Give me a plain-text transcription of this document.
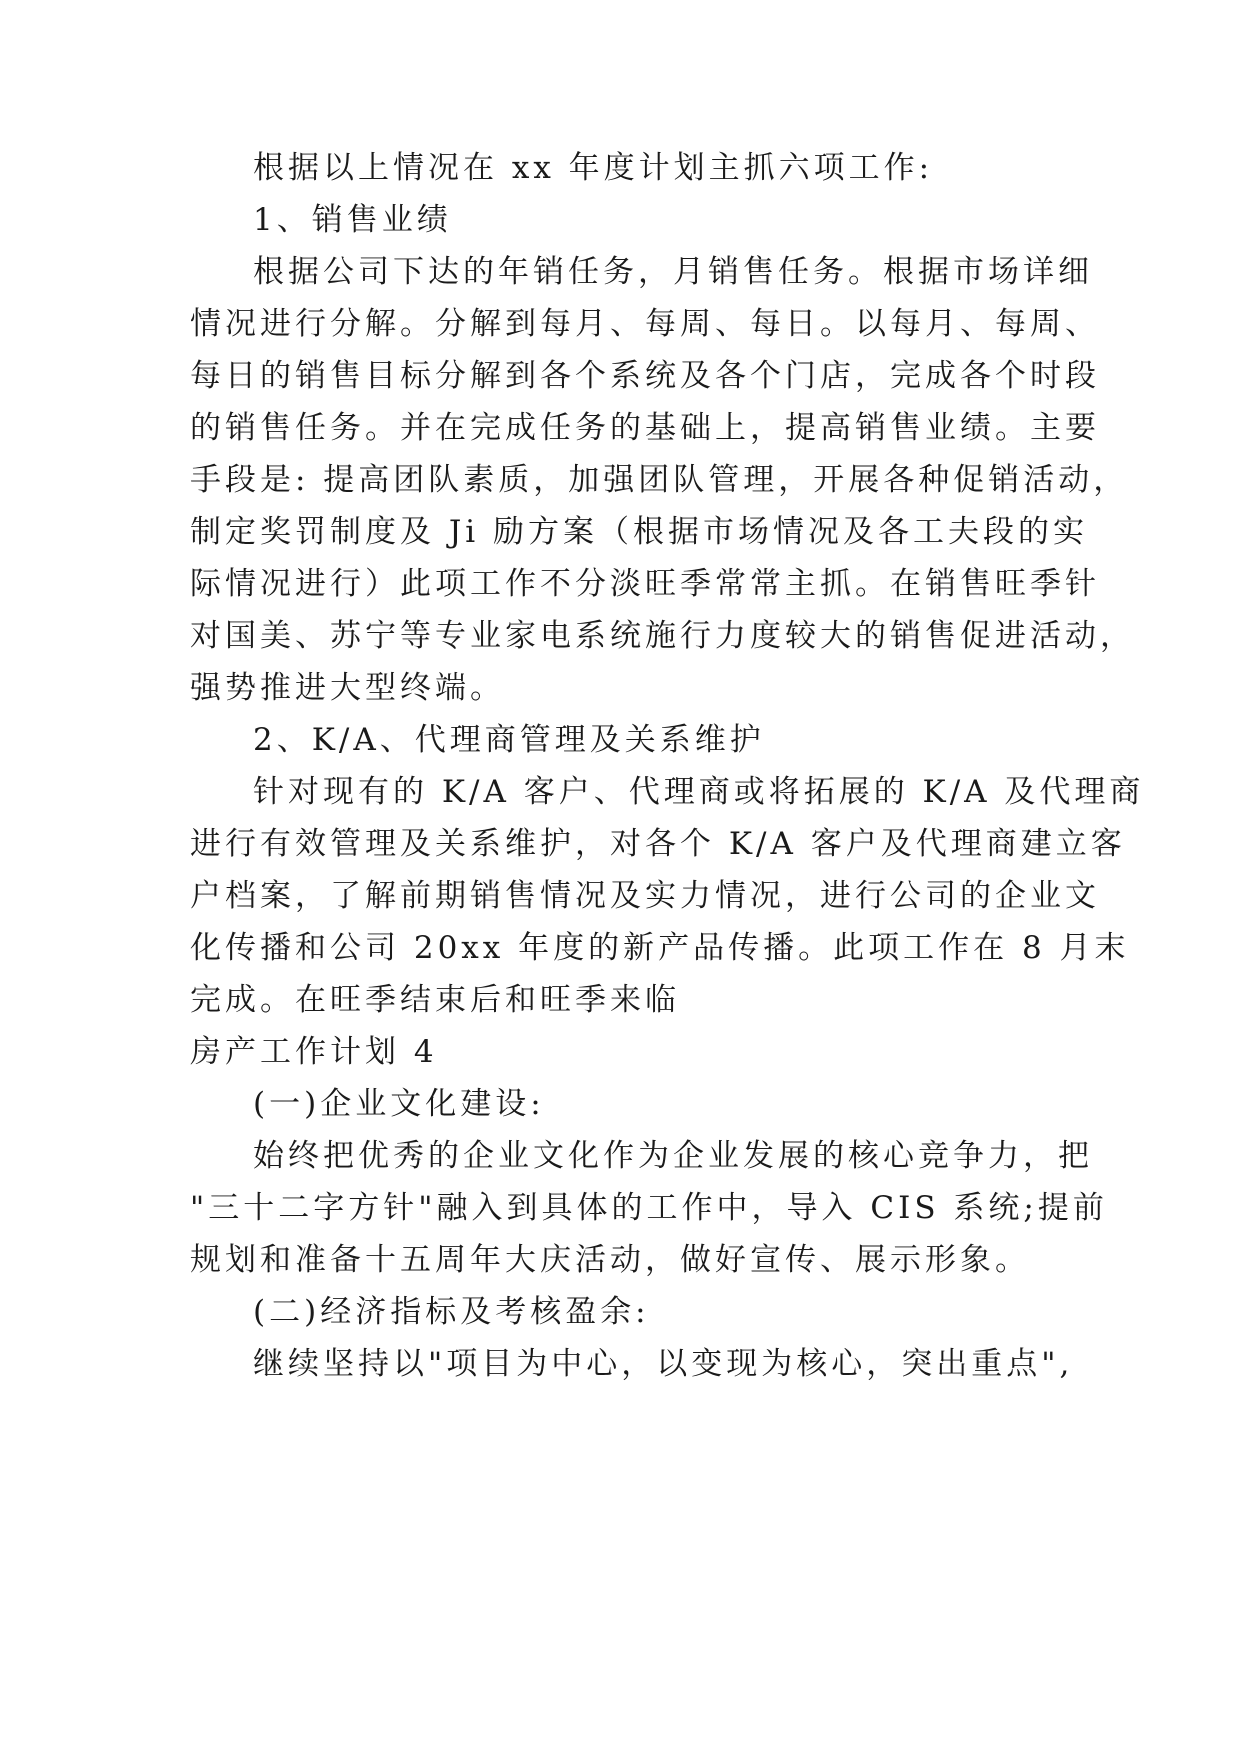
根据以上情况在 xx 年度计划主抓六项工作:
1、销售业绩
根据公司下达的年销任务，月销售任务。根据市场详细
情况进行分解。分解到每月、每周、每日。以每月、每周、
每日的销售目标分解到各个系统及各个门店，完成各个时段
的销售任务。并在完成任务的基础上，提高销售业绩。主要
手段是: 提高团队素质，加强团队管理，开展各种促销活动，
制定奖罚制度及 Ji 励方案（根据市场情况及各工夫段的实
际情况进行）此项工作不分淡旺季常常主抓。在销售旺季针
对国美、苏宁等专业家电系统施行力度较大的销售促进活动，
强势推进大型终端。
2、K/A、代理商管理及关系维护
针对现有的 K/A 客户、代理商或将拓展的 K/A 及代理商
进行有效管理及关系维护，对各个 K/A 客户及代理商建立客
户档案，了解前期销售情况及实力情况，进行公司的企业文
化传播和公司 20xx 年度的新产品传播。此项工作在 8 月末
完成。在旺季结束后和旺季来临
房产工作计划 4
(一)企业文化建设:
始终把优秀的企业文化作为企业发展的核心竞争力，把
"三十二字方针"融入到具体的工作中，导入 CIS 系统;提前
规划和准备十五周年大庆活动，做好宣传、展示形象。
(二)经济指标及考核盈余:
继续坚持以"项目为中心，以变现为核心，突出重点",
